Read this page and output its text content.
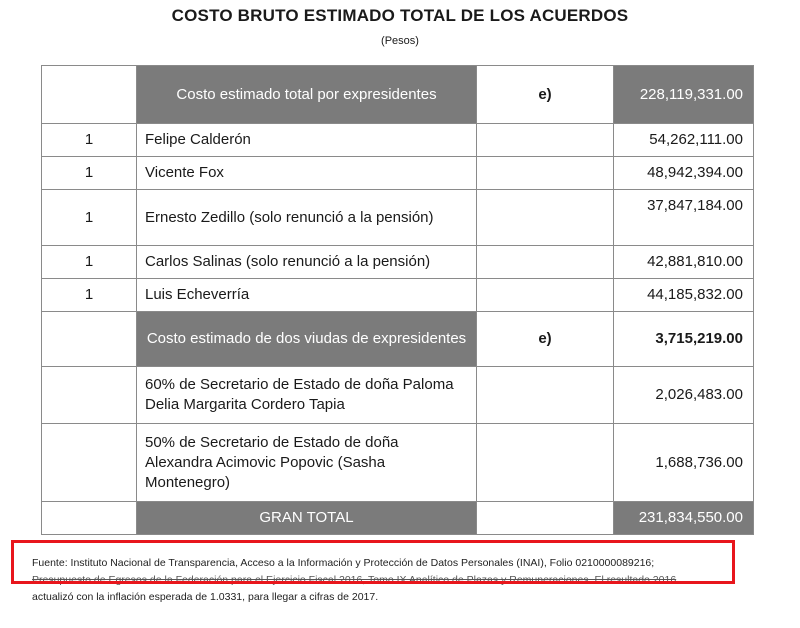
COSTO BRUTO ESTIMADO TOTAL DE LOS ACUERDOS
(Pesos)
	Costo estimado total por expresidentes	e)	228,119,331.00
1	Felipe Calderón		54,262,111.00
1	Vicente Fox		48,942,394.00
1	Ernesto Zedillo (solo renunció a la pensión)		37,847,184.00
1	Carlos Salinas (solo renunció a la pensión)		42,881,810.00
1	Luis Echeverría		44,185,832.00
	Costo estimado de dos viudas de expresidentes	e)	3,715,219.00
	60% de Secretario de Estado de doña Paloma Delia Margarita Cordero Tapia		2,026,483.00
	50% de Secretario de Estado de doña Alexandra Acimovic Popovic (Sasha Montenegro)		1,688,736.00
	GRAN TOTAL		231,834,550.00
Fuente: Instituto Nacional de Transparencia, Acceso a la Información y Protección de Datos Personales (INAI), Folio 0210000089216;
Presupuesto de Egresos de la Federación para el Ejercicio Fiscal 2016, Tomo IX Analítico de Plazas y Remuneraciones. El resultado 2016
actualizó con la inflación esperada de 1.0331, para llegar a cifras de 2017.
